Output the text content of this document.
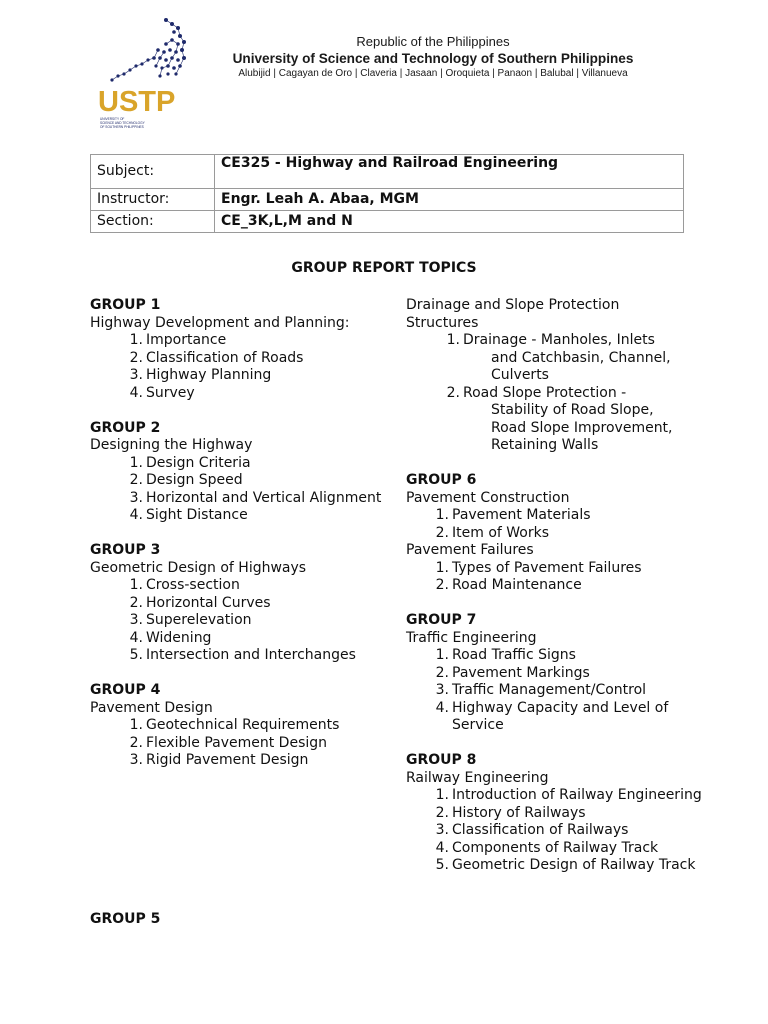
USTP
UNIVERSITY OF
SCIENCE AND TECHNOLOGY
OF SOUTHERN PHILIPPINES
Republic of the Philippines
University of Science and Technology of Southern Philippines
Alubijid | Cagayan de Oro | Claveria | Jasaan | Oroquieta | Panaon | Balubal | Villanueva
Subject:	CE325 - Highway and Railroad Engineering
Instructor:	Engr. Leah A. Abaa, MGM
Section:	CE_3K,L,M and N
GROUP REPORT TOPICS
GROUP 1
Highway Development and Planning:
1. Importance
2. Classification of Roads
3. Highway Planning
4. Survey
GROUP 2
Designing the Highway
1. Design Criteria
2. Design Speed
3. Horizontal and Vertical Alignment
4. Sight Distance
GROUP 3
Geometric Design of Highways
1. Cross-section
2. Horizontal Curves
3. Superelevation
4. Widening
5. Intersection and Interchanges
GROUP 4
Pavement Design
1. Geotechnical Requirements
2. Flexible Pavement Design
3. Rigid Pavement Design
Drainage and Slope Protection
Structures
1. Drainage - Manholes, Inlets
and Catchbasin, Channel,
Culverts
2. Road Slope Protection -
Stability of Road Slope,
Road Slope Improvement,
Retaining Walls
GROUP 6
Pavement Construction
1. Pavement Materials
2. Item of Works
Pavement Failures
1. Types of Pavement Failures
2. Road Maintenance
GROUP 7
Traffic Engineering
1. Road Traffic Signs
2. Pavement Markings
3. Traffic Management/Control
4. Highway Capacity and Level of Service
GROUP 8
Railway Engineering
1. Introduction of Railway Engineering
2. History of Railways
3. Classification of Railways
4. Components of Railway Track
5. Geometric Design of Railway Track
GROUP 5
